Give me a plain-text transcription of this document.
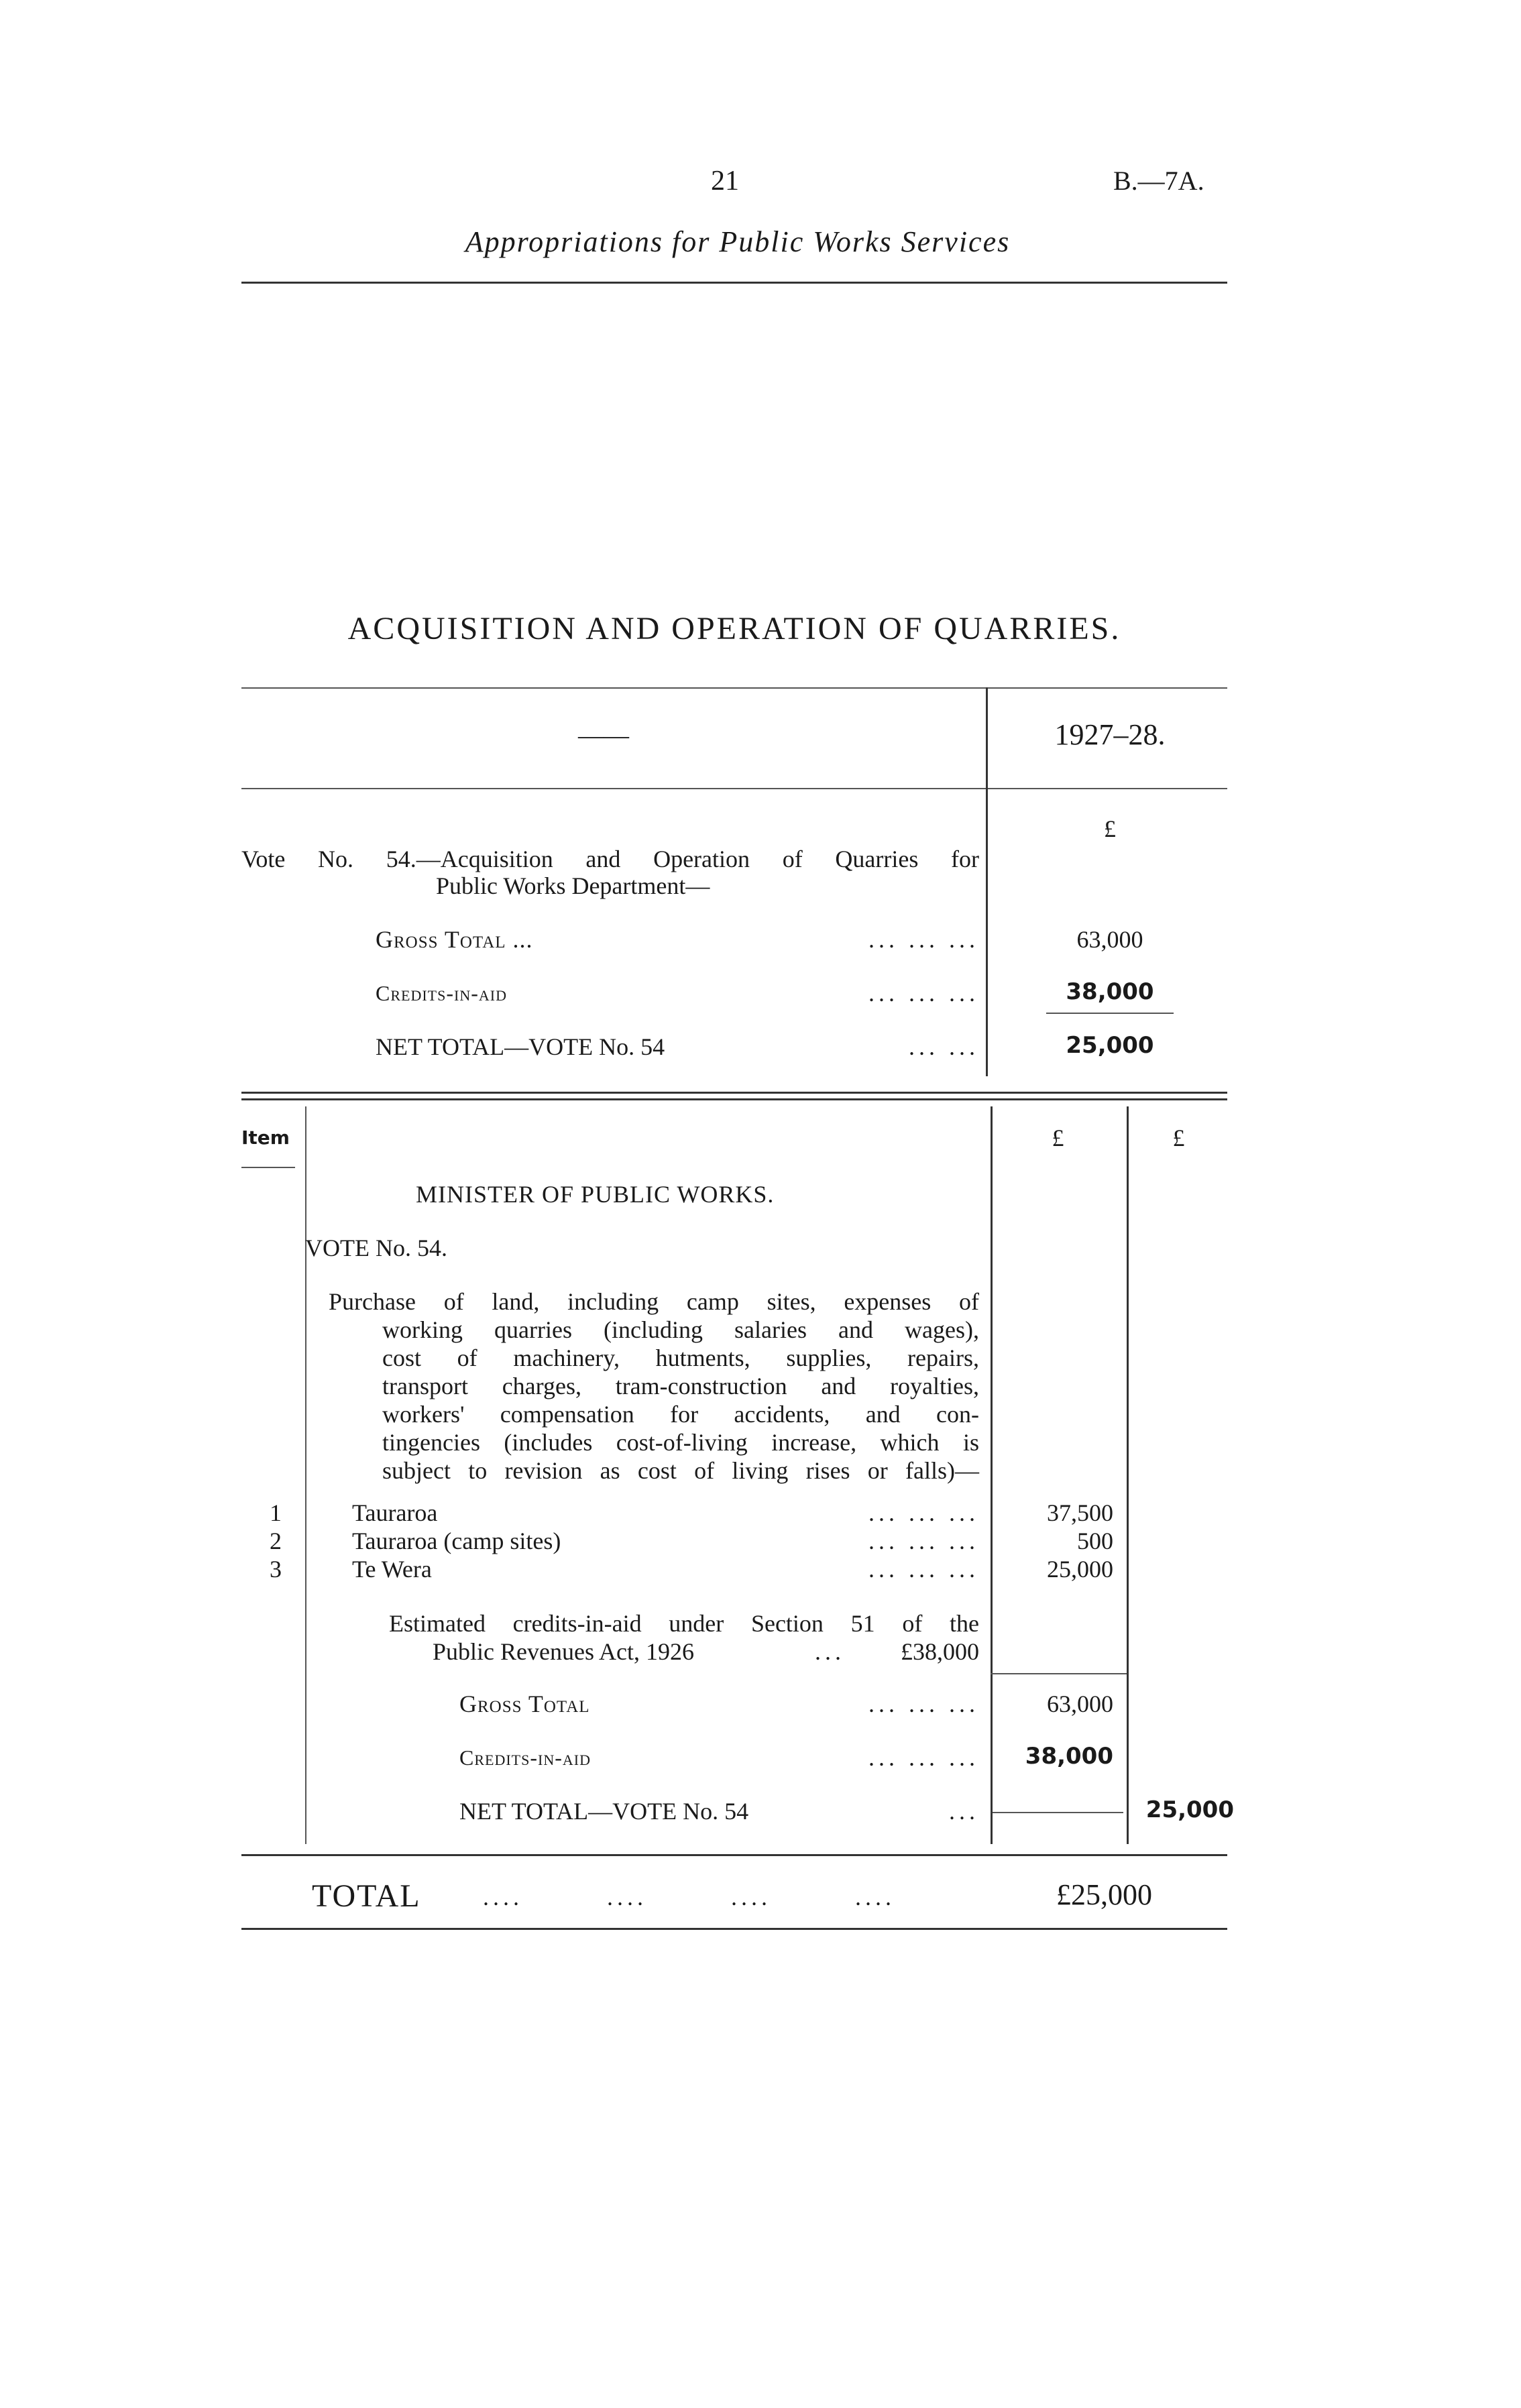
21	B.—7A.
Appropriations for Public Works Services
ACQUISITION AND OPERATION OF QUARRIES.
——	1927–28.
£
Vote No. 54.—Acquisition and Operation of Quarries for
Public Works Department—
Gross Total ...	... ... ...	63,000
Credits-in-aid	... ... ...	38,000
NET TOTAL—VOTE No. 54	... ...	25,000
Item	£	£
MINISTER OF PUBLIC WORKS.
VOTE No. 54.
Purchase of land, including camp sites, expenses of
working quarries (including salaries and wages),
cost of machinery, hutments, supplies, repairs,
transport charges, tram-construction and royalties,
workers' compensation for accidents, and con-
tingencies (includes cost-of-living increase, which is
subject to revision as cost of living rises or falls)—
1	Tauraroa	... ... ...	37,500
2	Tauraroa (camp sites)	... ... ...	500
3	Te Wera	... ... ...	25,000
Estimated credits-in-aid under Section 51 of the
Public Revenues Act, 1926	...	£38,000
Gross Total	... ... ...	63,000
Credits-in-aid	... ... ...	38,000
NET TOTAL—VOTE No. 54	...	25,000
TOTAL	.... .... .... ....	£25,000
